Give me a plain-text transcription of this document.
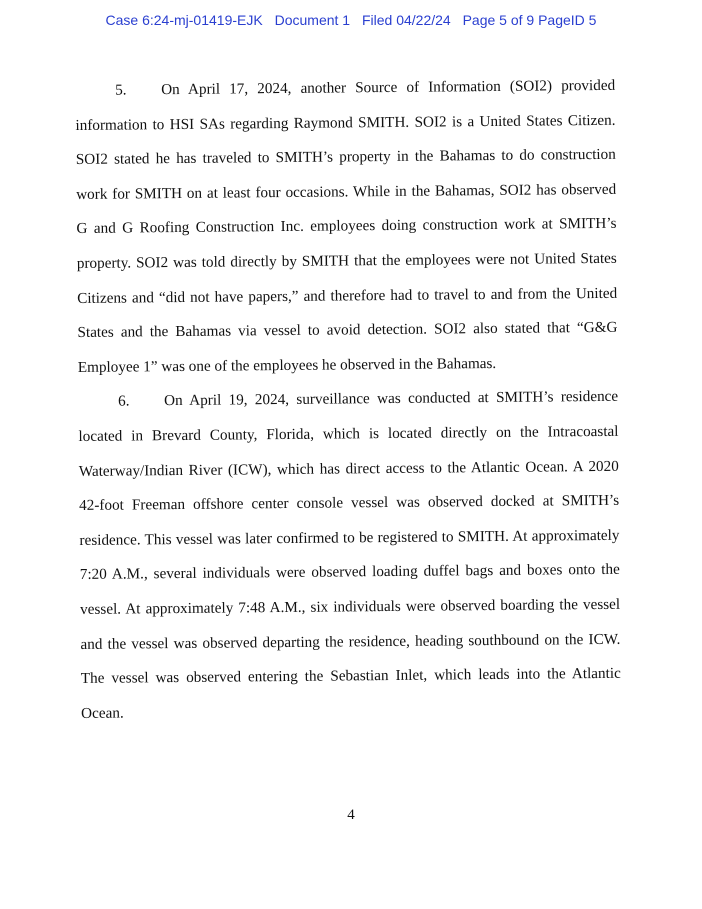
Case 6:24-mj-01419-EJK Document 1 Filed 04/22/24 Page 5 of 9 PageID 5

5. On April 17, 2024, another Source of Information (SOI2) provided information to HSI SAs regarding Raymond SMITH. SOI2 is a United States Citizen. SOI2 stated he has traveled to SMITH’s property in the Bahamas to do construction work for SMITH on at least four occasions. While in the Bahamas, SOI2 has observed G and G Roofing Construction Inc. employees doing construction work at SMITH’s property. SOI2 was told directly by SMITH that the employees were not United States Citizens and “did not have papers,” and therefore had to travel to and from the United States and the Bahamas via vessel to avoid detection. SOI2 also stated that “G&G Employee 1” was one of the employees he observed in the Bahamas.

6. On April 19, 2024, surveillance was conducted at SMITH’s residence located in Brevard County, Florida, which is located directly on the Intracoastal Waterway/Indian River (ICW), which has direct access to the Atlantic Ocean. A 2020 42-foot Freeman offshore center console vessel was observed docked at SMITH’s residence. This vessel was later confirmed to be registered to SMITH. At approximately 7:20 A.M., several individuals were observed loading duffel bags and boxes onto the vessel. At approximately 7:48 A.M., six individuals were observed boarding the vessel and the vessel was observed departing the residence, heading southbound on the ICW. The vessel was observed entering the Sebastian Inlet, which leads into the Atlantic Ocean.

4
